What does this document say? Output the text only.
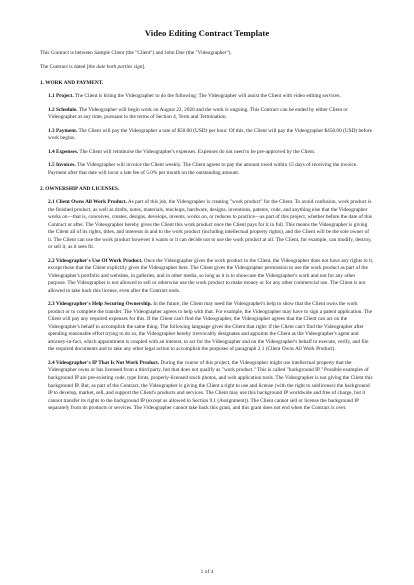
Video Editing Contract Template

This Contract is between Sample Client (the "Client") and John Doe (the "Videographer").

The Contract is dated [the date both parties sign].

1. WORK AND PAYMENT.

1.1 Project. The Client is hiring the Videographer to do the following: The Videographer will assist the Client with video editing services.

1.2 Schedule. The Videographer will begin work on August 22, 2020 and the work is ongoing. This Contract can be ended by either Client or Videographer at any time, pursuant to the terms of Section 4, Term and Termination.

1.3 Payment. The Client will pay the Videographer a rate of $50.00 (USD) per hour. Of this, the Client will pay the Videographer $450.00 (USD) before work begins.

1.4 Expenses. The Client will reimburse the Videographer's expenses. Expenses do not need to be pre-approved by the Client.

1.5 Invoices. The Videographer will invoice the Client weekly. The Client agrees to pay the amount owed within 15 days of receiving the invoice. Payment after that date will incur a late fee of 5.0% per month on the outstanding amount.

2. OWNERSHIP AND LICENSES.

2.1 Client Owns All Work Product. As part of this job, the Videographer is creating "work product" for the Client. To avoid confusion, work product is the finished product, as well as drafts, notes, materials, mockups, hardware, designs, inventions, patents, code, and anything else that the Videographer works on—that is, conceives, creates, designs, develops, invents, works on, or reduces to practice—as part of this project, whether before the date of this Contract or after. The Videographer hereby gives the Client this work product once the Client pays for it in full. This means the Videographer is giving the Client all of its rights, titles, and interests in and to the work product (including intellectual property rights), and the Client will be the sole owner of it. The Client can use the work product however it wants or it can decide not to use the work product at all. The Client, for example, can modify, destroy, or sell it, as it sees fit.

2.2 Videographer's Use Of Work Product. Once the Videographer gives the work product to the Client, the Videographer does not have any rights to it, except those that the Client explicitly gives the Videographer here. The Client gives the Videographer permission to use the work product as part of the Videographer's portfolio and websites, in galleries, and in other media, so long as it is to showcase the Videographer's work and not for any other purpose. The Videographer is not allowed to sell or otherwise use the work product to make money or for any other commercial use. The Client is not allowed to take back this license, even after the Contract ends.

2.3 Videographer's Help Securing Ownership. In the future, the Client may need the Videographer's help to show that the Client owns the work product or to complete the transfer. The Videographer agrees to help with that. For example, the Videographer may have to sign a patent application. The Client will pay any required expenses for this. If the Client can't find the Videographer, the Videographer agrees that the Client can act on the Videographer's behalf to accomplish the same thing. The following language gives the Client that right: if the Client can't find the Videographer after spending reasonable effort trying to do so, the Videographer hereby irrevocably designates and appoints the Client as the Videographer's agent and attorney-in-fact, which appointment is coupled with an interest, to act for the Videographer and on the Videographer's behalf to execute, verify, and file the required documents and to take any other legal action to accomplish the purposes of paragraph 2.1 (Client Owns All Work Product).

2.4 Videographer's IP That Is Not Work Product. During the course of this project, the Videographer might use intellectual property that the Videographer owns or has licensed from a third party, but that does not qualify as "work product." This is called "background IP." Possible examples of background IP are pre-existing code, type fonts, properly-licensed stock photos, and web application tools. The Videographer is not giving the Client this background IP. But, as part of the Contract, the Videographer is giving the Client a right to use and license (with the right to sublicense) the background IP to develop, market, sell, and support the Client's products and services. The Client may use this background IP worldwide and free of charge, but it cannot transfer its rights to the background IP (except as allowed in Section 9.1 (Assignment)). The Client cannot sell or license the background IP separately from its products or services. The Videographer cannot take back this grant, and this grant does not end when the Contract is over.

1 of 4
